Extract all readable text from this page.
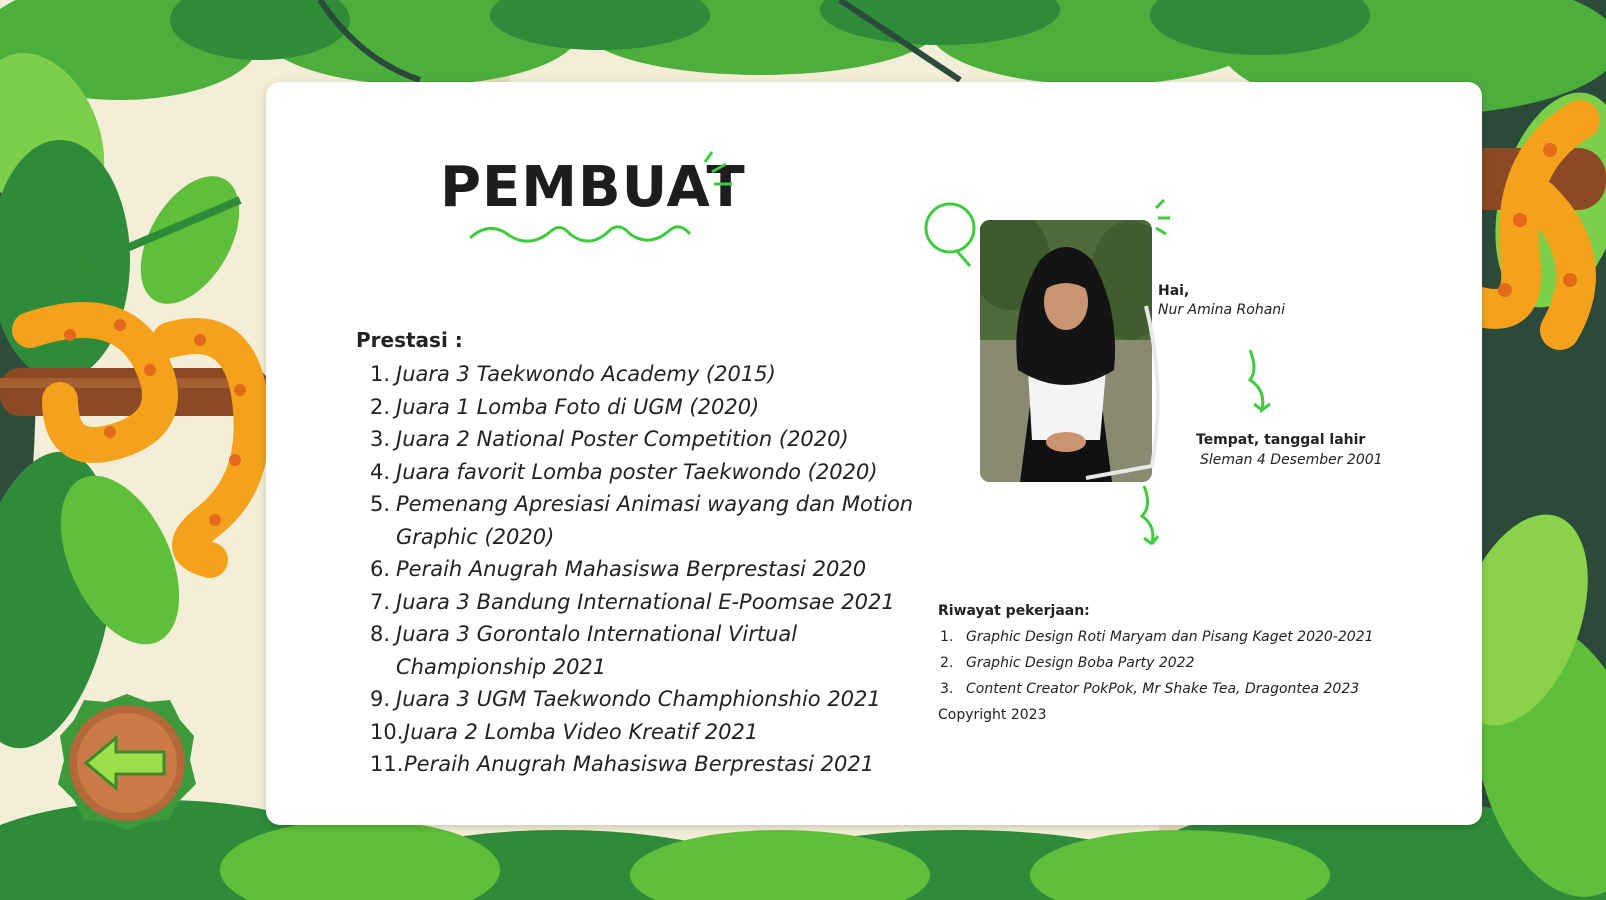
PEMBUAT

Prestasi :

1. Juara 3 Taekwondo Academy (2015)
2. Juara 1 Lomba Foto di UGM (2020)
3. Juara 2 National Poster Competition (2020)
4. Juara favorit Lomba poster Taekwondo (2020)
5. Pemenang Apresiasi Animasi wayang dan Motion Graphic (2020)
6. Peraih Anugrah Mahasiswa Berprestasi 2020
7. Juara 3 Bandung International E-Poomsae 2021
8. Juara 3 Gorontalo International Virtual Championship 2021
9. Juara 3 UGM Taekwondo Champhionshio 2021
10. Juara 2 Lomba Video Kreatif 2021
11. Peraih Anugrah Mahasiswa Berprestasi 2021
Hai,
Nur Amina Rohani
Tempat, tanggal lahir
Sleman 4 Desember 2001
Riwayat pekerjaan:
1. Graphic Design Roti Maryam dan Pisang Kaget 2020-2021
2. Graphic Design Boba Party 2022
3. Content Creator PokPok, Mr Shake Tea, Dragontea 2023
Copyright 2023
